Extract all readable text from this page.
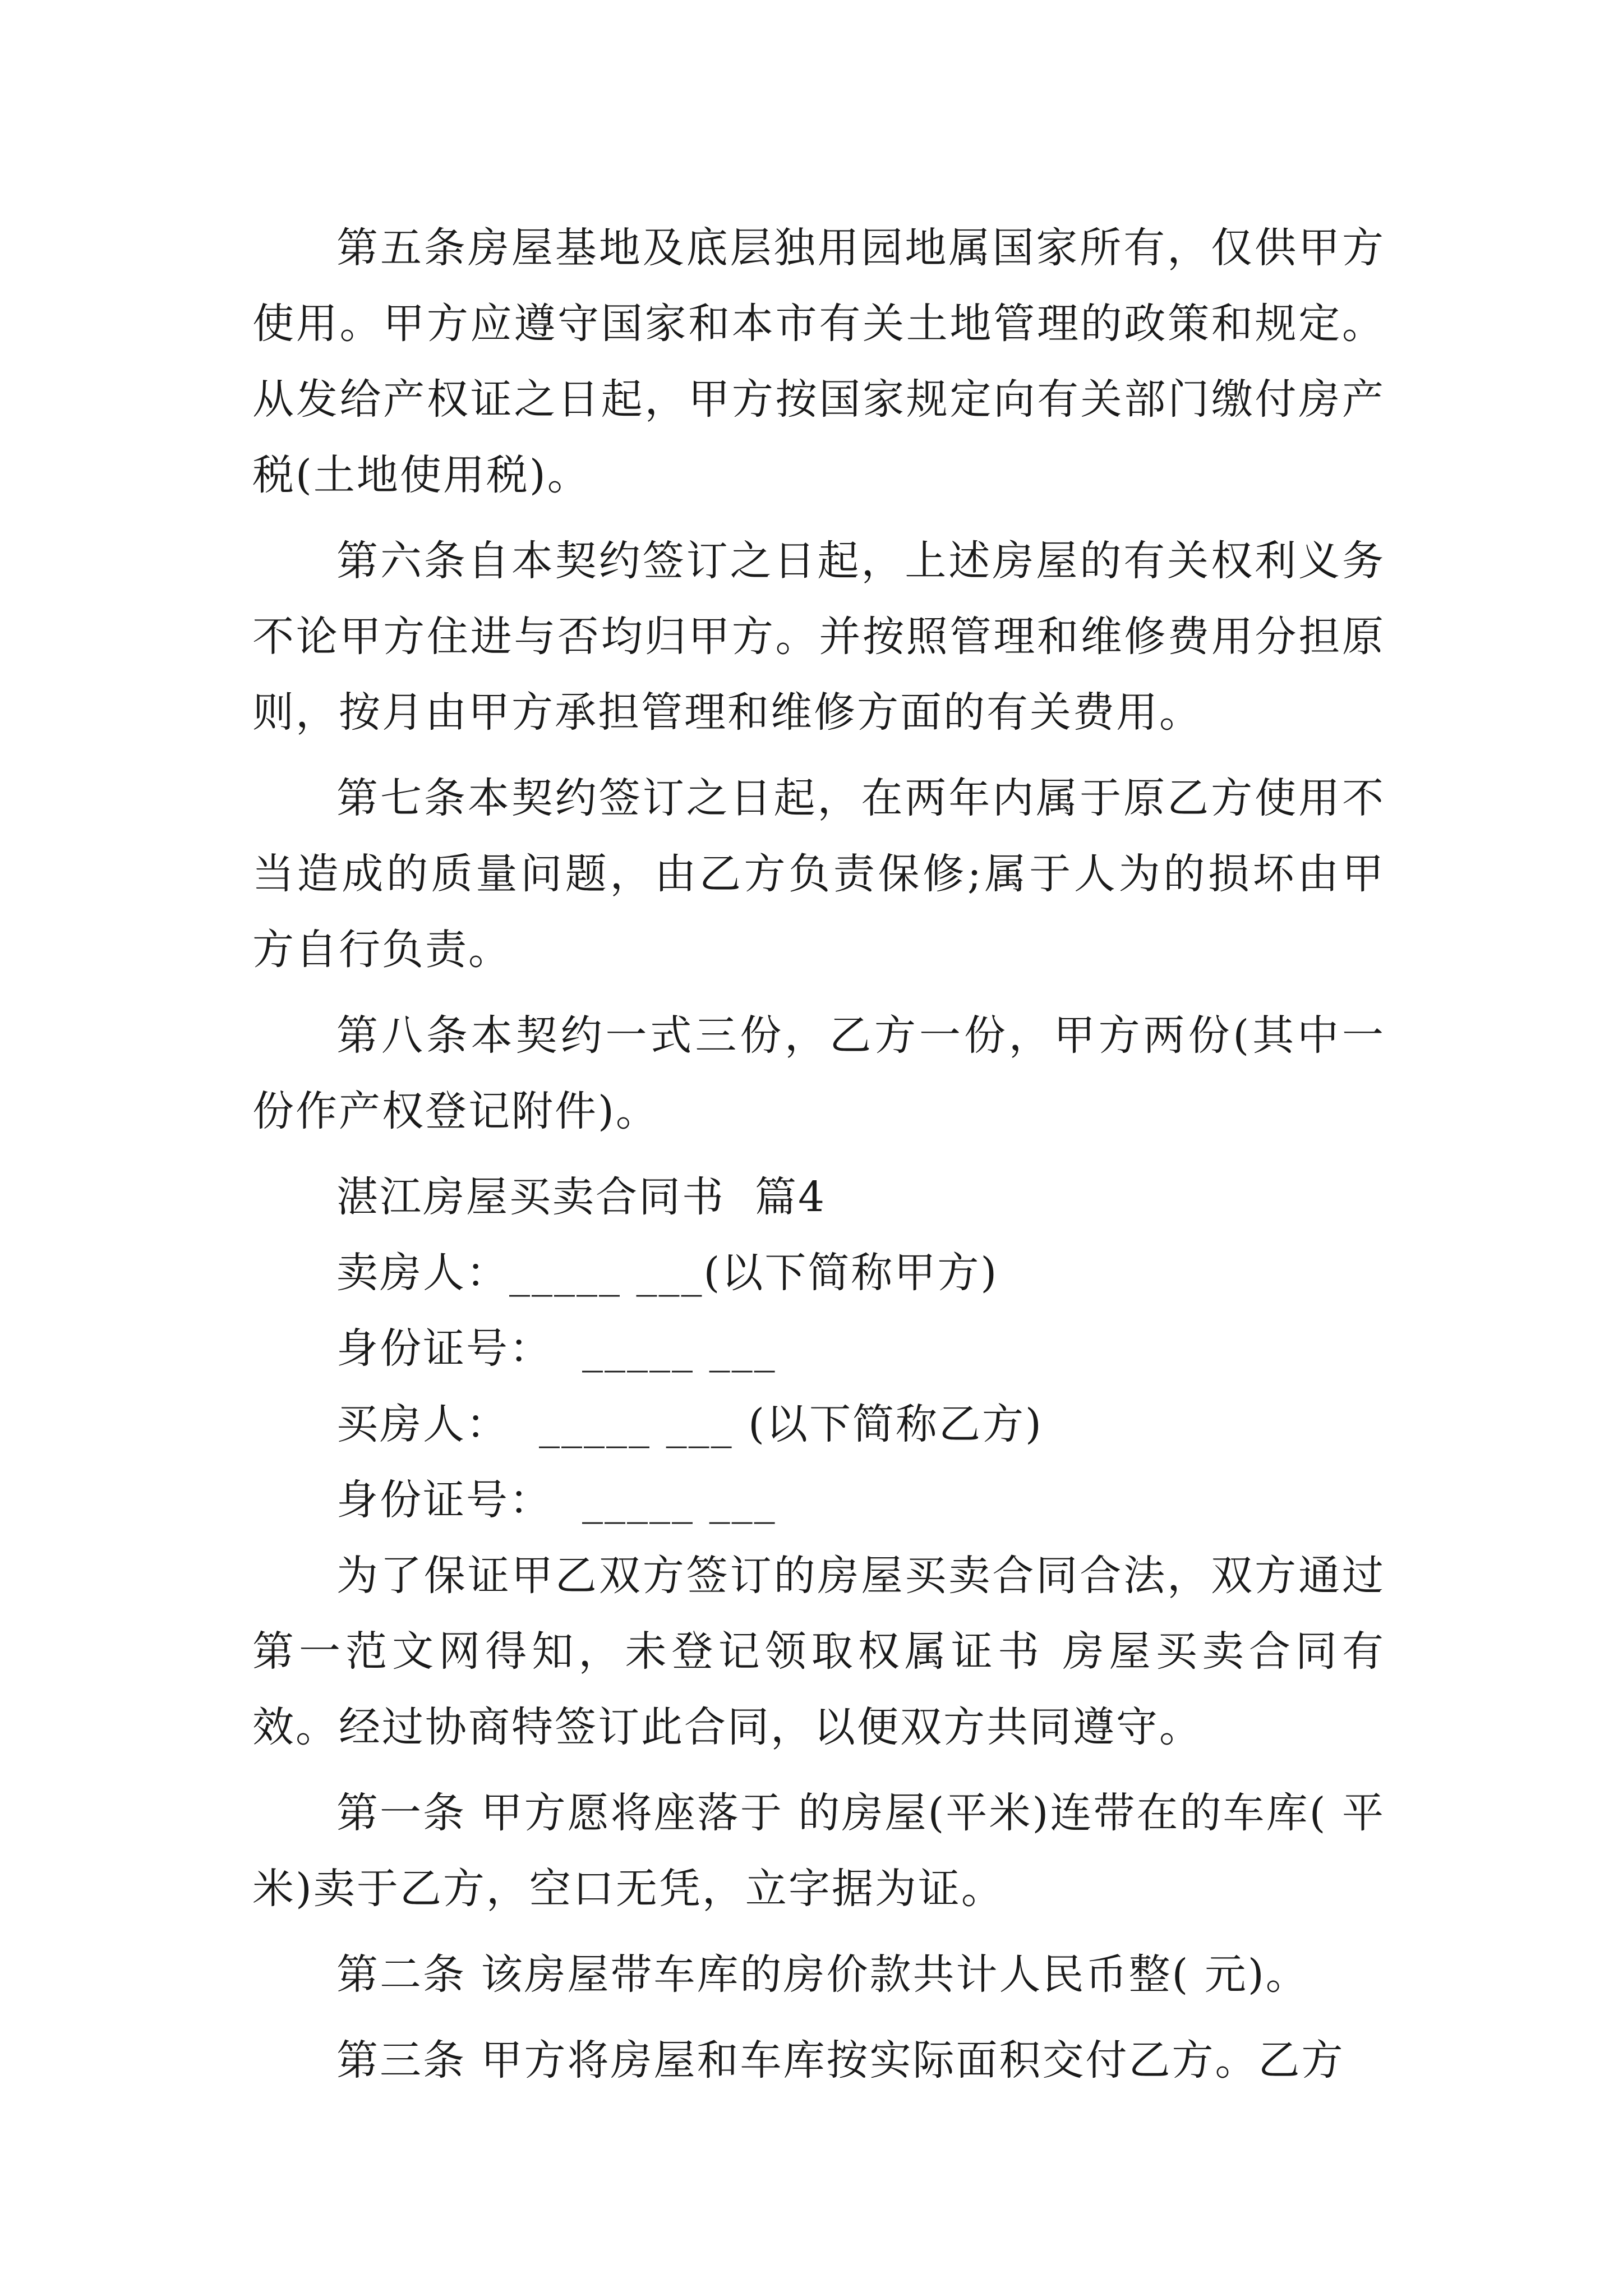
第五条房屋基地及底层独用园地属国家所有，仅供甲方使用。甲方应遵守国家和本市有关土地管理的政策和规定。从发给产权证之日起，甲方按国家规定向有关部门缴付房产税(土地使用税)。

第六条自本契约签订之日起，上述房屋的有关权利义务不论甲方住进与否均归甲方。并按照管理和维修费用分担原则，按月由甲方承担管理和维修方面的有关费用。

第七条本契约签订之日起，在两年内属于原乙方使用不当造成的质量问题，由乙方负责保修;属于人为的损坏由甲方自行负责。

第八条本契约一式三份，乙方一份，甲方两份(其中一份作产权登记附件)。

湛江房屋买卖合同书  篇4

卖房人：_____ ___(以下简称甲方)

身份证号：  _____ ___

买房人：  _____ ___ (以下简称乙方)

身份证号：  _____ ___

为了保证甲乙双方签订的房屋买卖合同合法，双方通过第一范文网得知，未登记领取权属证书 房屋买卖合同有效。经过协商特签订此合同，以便双方共同遵守。

第一条 甲方愿将座落于 的房屋(平米)连带在的车库( 平米)卖于乙方，空口无凭，立字据为证。

第二条 该房屋带车库的房价款共计人民币整( 元)。

第三条 甲方将房屋和车库按实际面积交付乙方。乙方
